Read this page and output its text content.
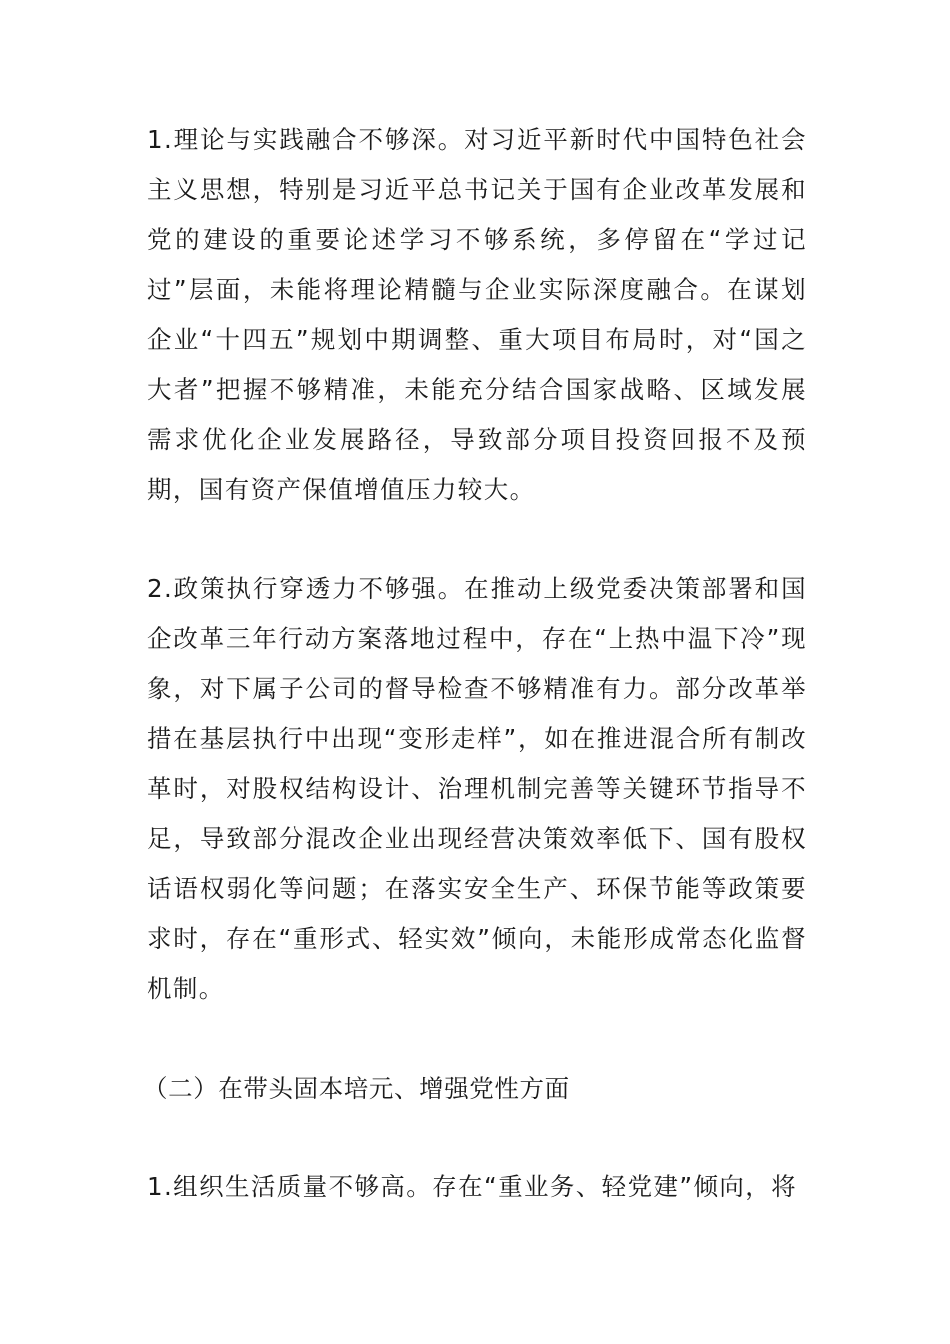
1.理论与实践融合不够深。对习近平新时代中国特色社会主义思想，特别是习近平总书记关于国有企业改革发展和党的建设的重要论述学习不够系统，多停留在“学过记过”层面，未能将理论精髓与企业实际深度融合。在谋划企业“十四五”规划中期调整、重大项目布局时，对“国之大者”把握不够精准，未能充分结合国家战略、区域发展需求优化企业发展路径，导致部分项目投资回报不及预期，国有资产保值增值压力较大。

2.政策执行穿透力不够强。在推动上级党委决策部署和国企改革三年行动方案落地过程中，存在“上热中温下冷”现象，对下属子公司的督导检查不够精准有力。部分改革举措在基层执行中出现“变形走样”，如在推进混合所有制改革时，对股权结构设计、治理机制完善等关键环节指导不足，导致部分混改企业出现经营决策效率低下、国有股权话语权弱化等问题；在落实安全生产、环保节能等政策要求时，存在“重形式、轻实效”倾向，未能形成常态化监督机制。

（二）在带头固本培元、增强党性方面

1.组织生活质量不够高。存在“重业务、轻党建”倾向，将
